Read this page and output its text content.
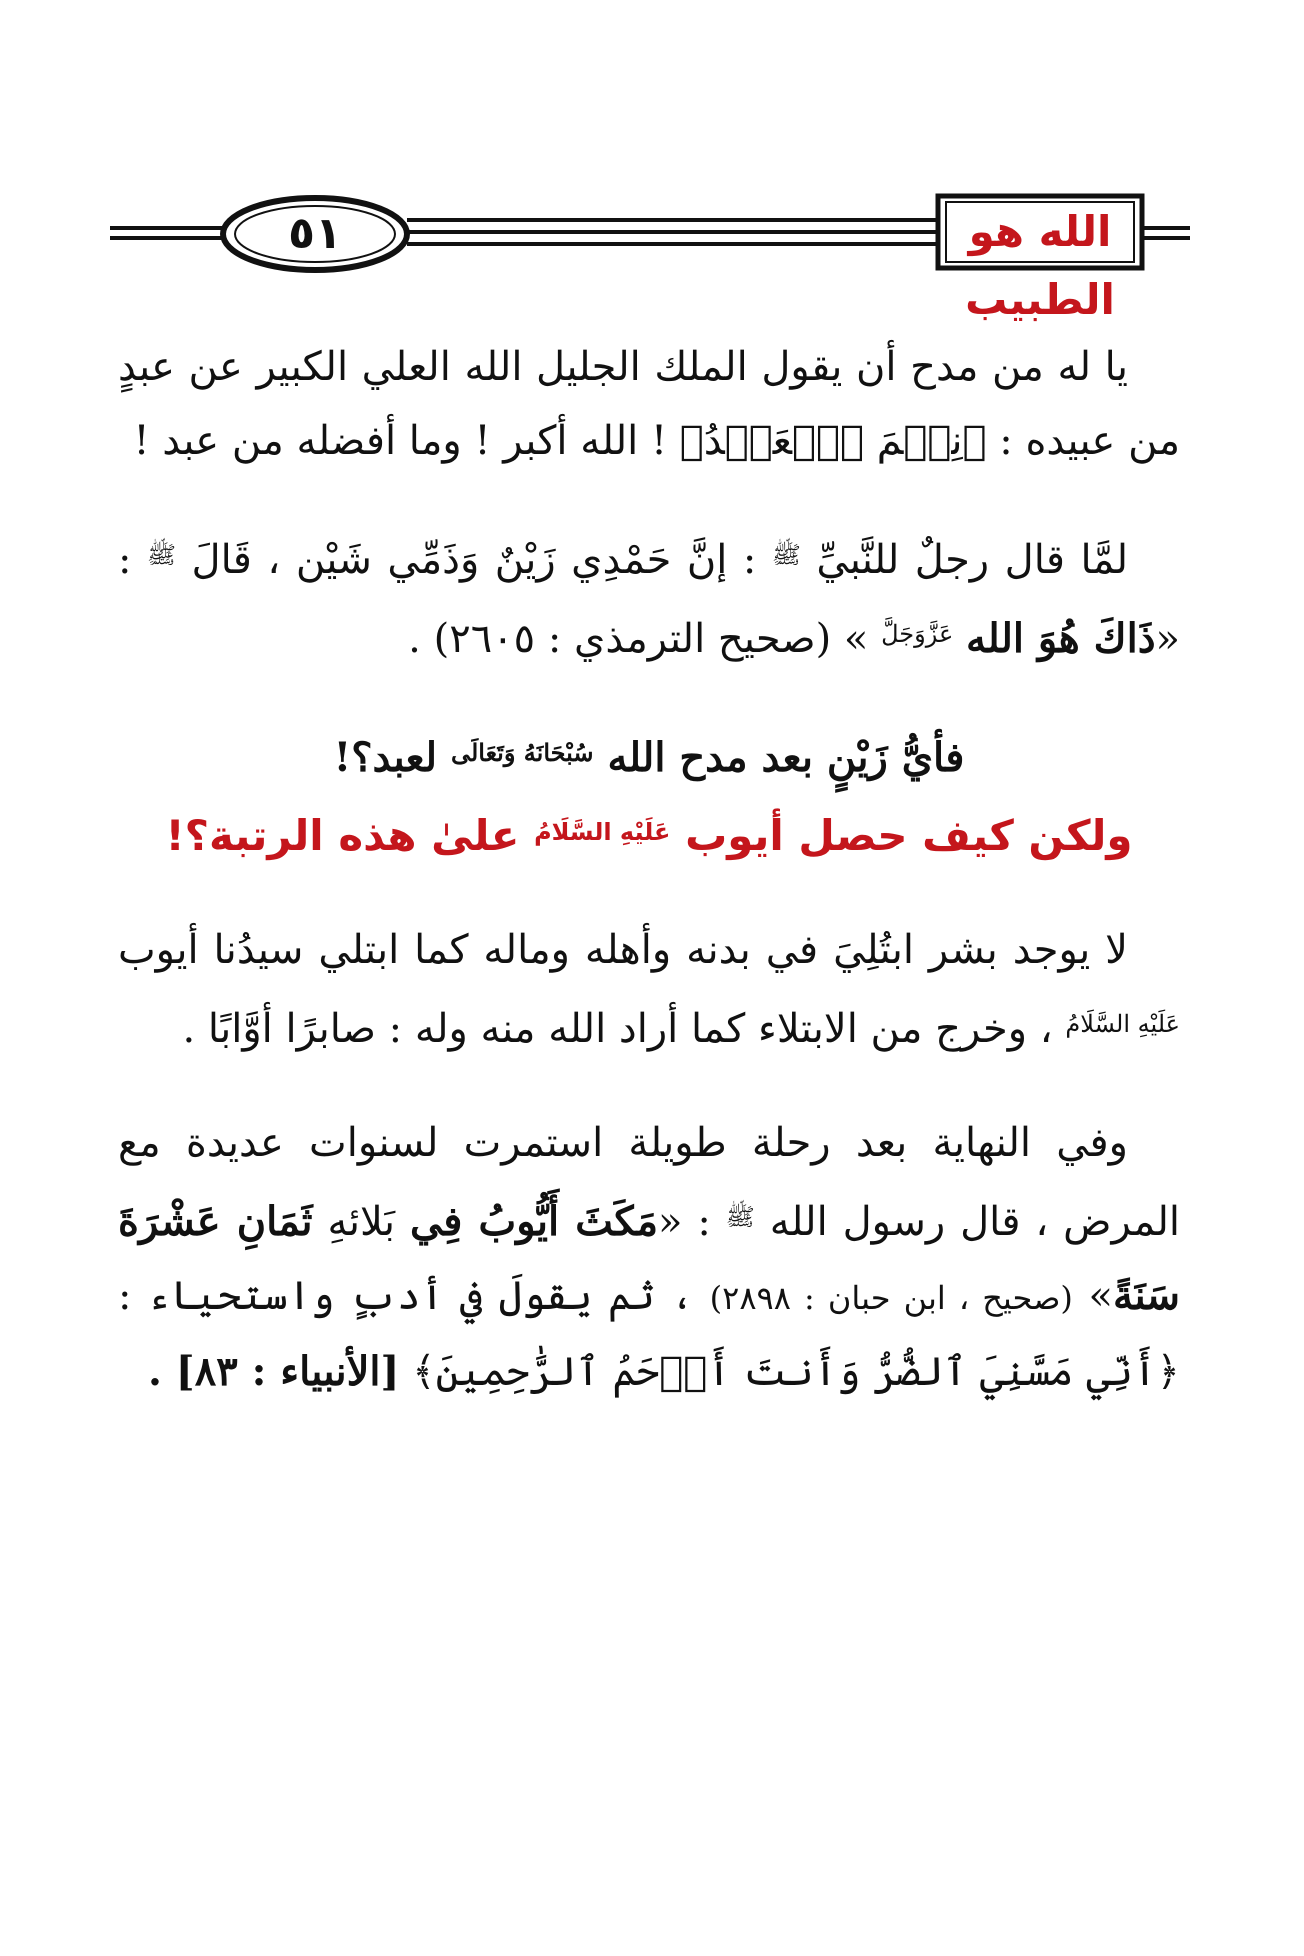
٥١	الله هو الطبيب

يا له من مدح أن يقول الملك الجليل الله العلي الكبير عن عبدٍ من عبيده : ﴿نِعۡمَ ٱلۡعَبۡدُ﴾ ! الله أكبر ! وما أفضله من عبد !

لمَّا قال رجلٌ للنَّبيِّ $^ﷺ$ : إنَّ حَمْدِي زَيْنٌ وَذَمِّي شَيْن ، قَالَ $^ﷺ$ : «ذَاكَ هُوَ الله $^{عَزَّوَجَلَّ}$ » (صحيح الترمذي : ٢٦٠٥) .

فأيُّ زَيْنٍ بعد مدح الله $^{سُبْحَانَهُ وَتَعَالَى}$ لعبد؟!

ولكن كيف حصل أيوب $^{عَلَيْهِ السَّلَامُ}$ علىٰ هذه الرتبة؟!

لا يوجد بشر ابتُلِيَ في بدنه وأهله وماله كما ابتلي سيدُنا أيوب $^{عَلَيْهِ السَّلَامُ}$ ، وخرج من الابتلاء كما أراد الله منه وله : صابرًا أوَّابًا .

وفي النهاية بعد رحلة طويلة استمرت لسنوات عديدة مع المرض ، قال رسول الله $^ﷺ$ : «مَكَثَ أَيُّوبُ فِي بَلائهِ ثَمَانِ عَشْرَةَ سَنَةً» (صحيح ، ابن حبان : ٢٨٩٨) ، ثم يقولَ في أدبٍ واستحياء : ﴿أَنِّي مَسَّنِيَ ٱلضُّرُّ وَأَنتَ أَرۡحَمُ ٱلرَّٰحِمِينَ﴾ [الأنبياء : ٨٣] .
